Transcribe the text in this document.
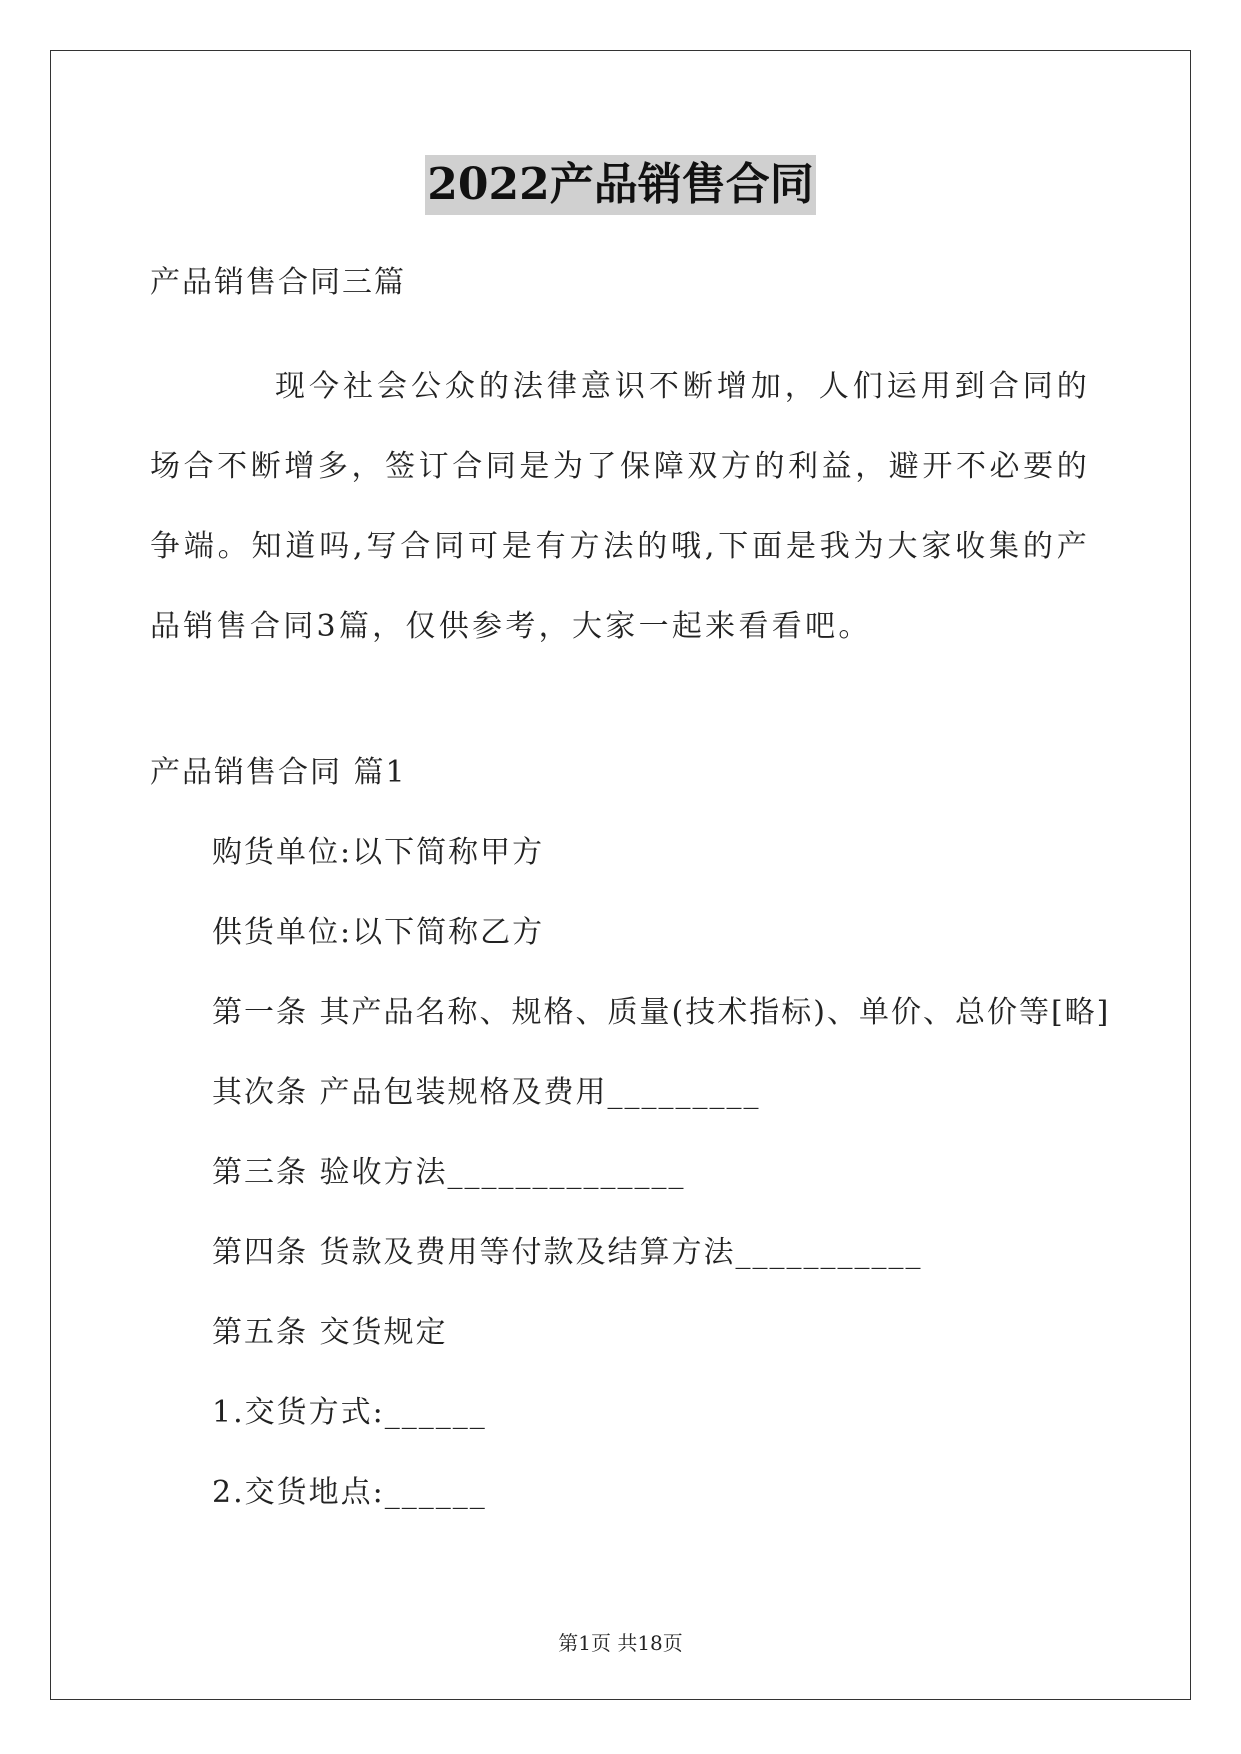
2022产品销售合同
产品销售合同三篇

现今社会公众的法律意识不断增加，人们运用到合同的场合不断增多，签订合同是为了保障双方的利益，避开不必要的争端。知道吗,写合同可是有方法的哦,下面是我为大家收集的产品销售合同3篇，仅供参考，大家一起来看看吧。

产品销售合同 篇1
购货单位:以下简称甲方
供货单位:以下简称乙方
第一条 其产品名称、规格、质量(技术指标)、单价、总价等[略]
其次条 产品包装规格及费用_________
第三条 验收方法______________
第四条 货款及费用等付款及结算方法___________
第五条 交货规定
1.交货方式:______
2.交货地点:______
第1页 共18页
